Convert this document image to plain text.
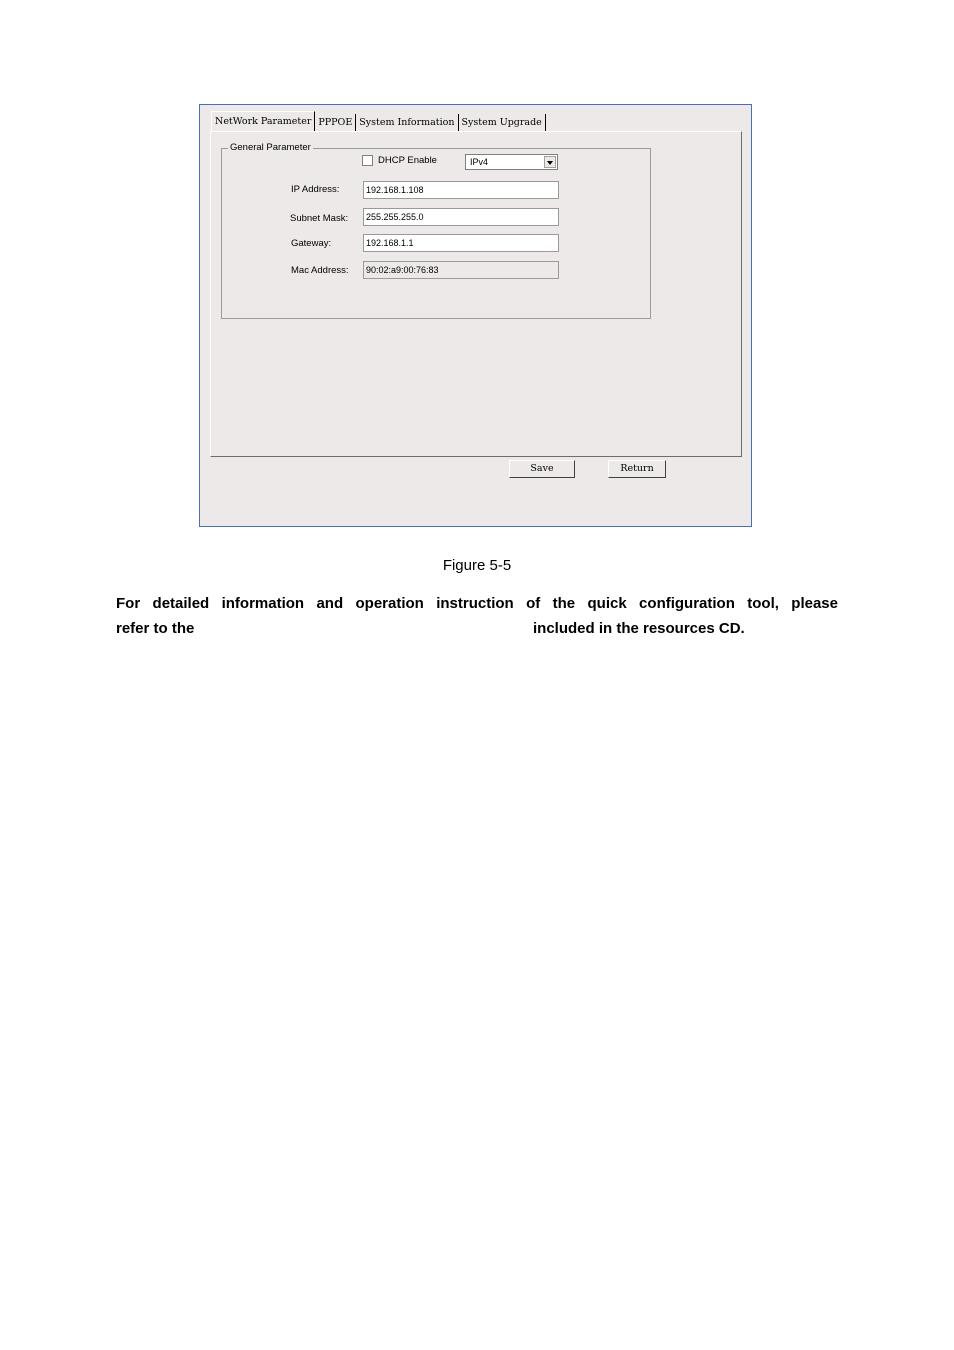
NetWork Parameter PPPOE System Information System Upgrade
General Parameter
DHCP Enable	IPv4
IP Address:	192.168.1.108
Subnet Mask:	255.255.255.0
Gateway:	192.168.1.1
Mac Address:	90:02:a9:00:76:83
Save	Return
Figure 5-5
For detailed information and operation instruction of the quick configuration tool, please
refer to the	included in the resources CD.
